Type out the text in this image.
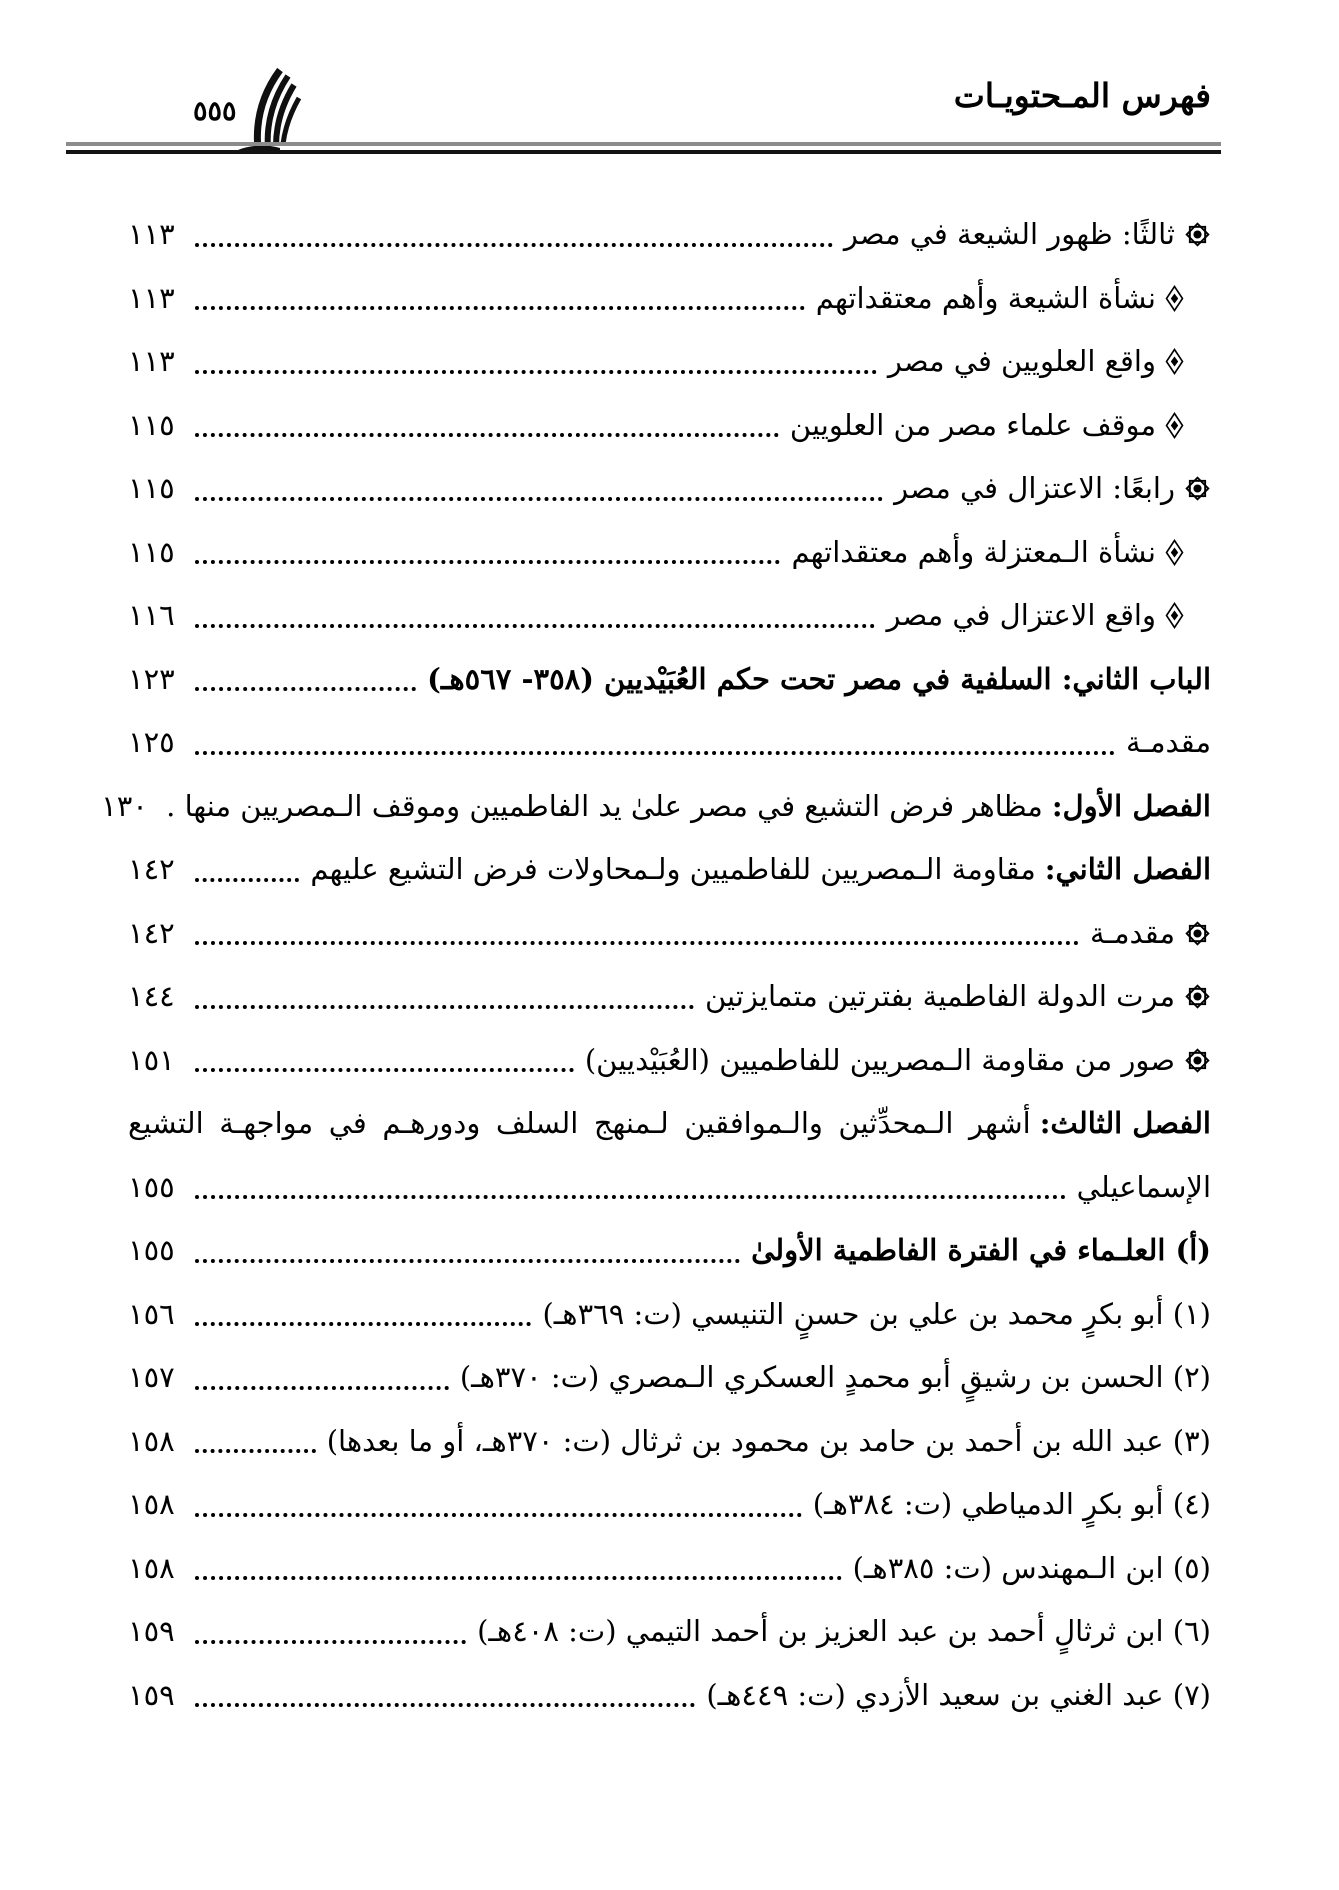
فهرس المـحتويـات
٥٥٥
ثالثًا: ظهور الشيعة في مصر
١١٣
نشأة الشيعة وأهم معتقداتهم
١١٣
واقع العلويين في مصر
١١٣
موقف علماء مصر من العلويين
١١٥
رابعًا: الاعتزال في مصر
١١٥
نشأة الـمعتزلة وأهم معتقداتهم
١١٥
واقع الاعتزال في مصر
١١٦
الباب الثاني: السلفية في مصر تحت حكم العُبَيْديين (٣٥٨- ٥٦٧هـ)
١٢٣
مقدمـة
١٢٥
الفصل الأول:
مظاهر فرض التشيع في مصر علىٰ يد الفاطميين وموقف الـمصريين منها .
١٣٠
الفصل الثاني:
مقاومة الـمصريين للفاطميين ولـمحاولات فرض التشيع عليهم
١٤٢
مقدمـة
١٤٢
مرت الدولة الفاطمية بفترتين متمايزتين
١٤٤
صور من مقاومة الـمصريين للفاطميين (العُبَيْديين)
١٥١
الفصل الثالث:
أشهر الـمحدِّثين والـموافقين لـمنهج السلف ودورهـم في مواجهـة التشيع
الإسماعيلي
١٥٥
(أ) العلـماء في الفترة الفاطمية الأولىٰ
١٥٥
(١) أبو بكرٍ محمد بن علي بن حسنٍ التنيسي (ت: ٣٦٩هـ)
١٥٦
(٢) الحسن بن رشيقٍ أبو محمدٍ العسكري الـمصري (ت: ٣٧٠هـ)
١٥٧
(٣) عبد الله بن أحمد بن حامد بن محمود بن ثرثال (ت: ٣٧٠هـ، أو ما بعدها)
١٥٨
(٤) أبو بكرٍ الدمياطي (ت: ٣٨٤هـ)
١٥٨
(٥) ابن الـمهندس (ت: ٣٨٥هـ)
١٥٨
(٦) ابن ثرثالٍ أحمد بن عبد العزيز بن أحمد التيمي (ت: ٤٠٨هـ)
١٥٩
(٧) عبد الغني بن سعيد الأزدي (ت: ٤٤٩هـ)
١٥٩
